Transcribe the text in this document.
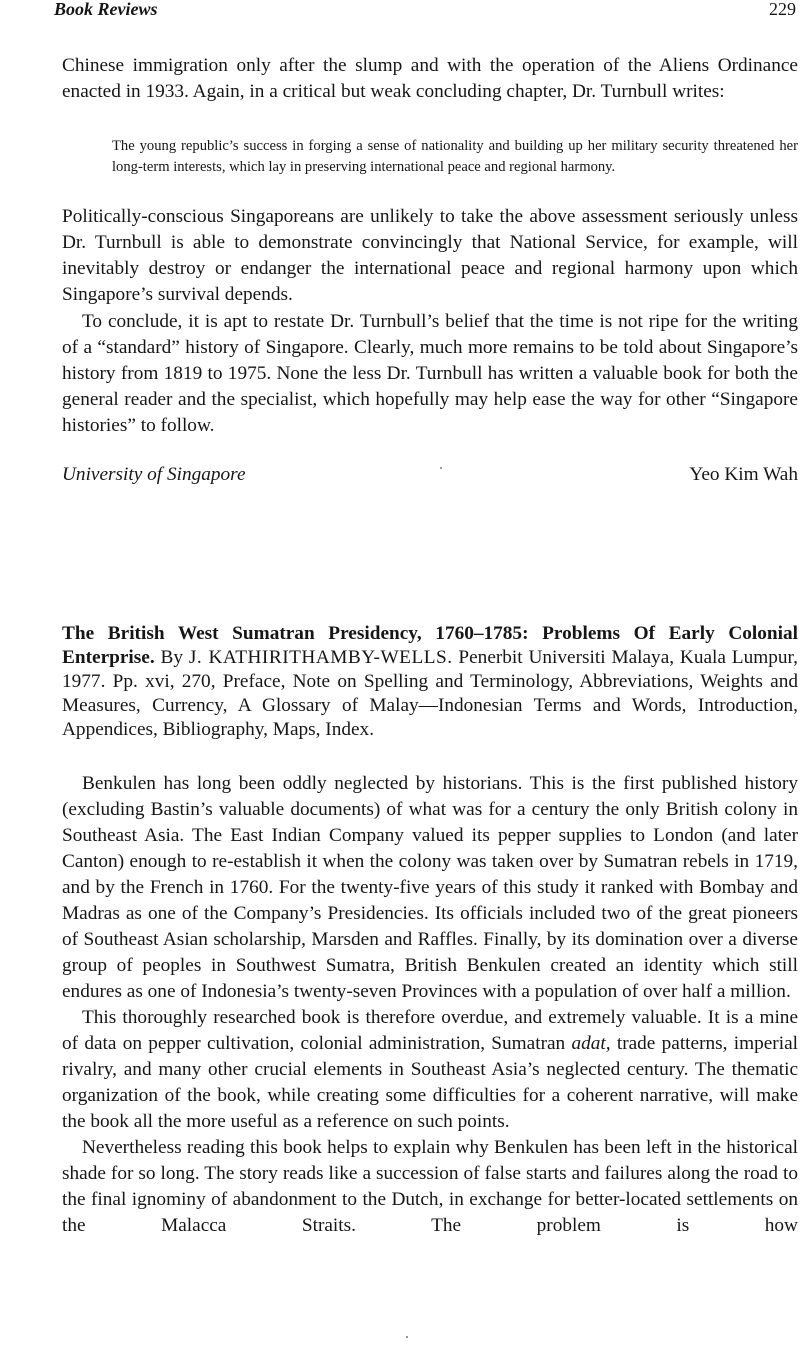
Book Reviews	229

Chinese immigration only after the slump and with the operation of the Aliens Ordinance enacted in 1933. Again, in a critical but weak concluding chapter, Dr. Turnbull writes:

The young republic’s success in forging a sense of nationality and building up her military security threatened her long-term interests, which lay in preserving international peace and regional harmony.

Politically-conscious Singaporeans are unlikely to take the above assessment seriously unless Dr. Turnbull is able to demonstrate convincingly that National Service, for example, will inevitably destroy or endanger the international peace and regional harmony upon which Singapore’s survival depends.

To conclude, it is apt to restate Dr. Turnbull’s belief that the time is not ripe for the writing of a “standard” history of Singapore. Clearly, much more remains to be told about Singapore’s history from 1819 to 1975. None the less Dr. Turnbull has written a valuable book for both the general reader and the specialist, which hopefully may help ease the way for other “Singapore histories” to follow.

University of Singapore	Yeo Kim Wah

The British West Sumatran Presidency, 1760–1785: Problems Of Early Colonial Enterprise. By J. KATHIRITHAMBY-WELLS. Penerbit Universiti Malaya, Kuala Lumpur, 1977. Pp. xvi, 270, Preface, Note on Spelling and Terminology, Abbreviations, Weights and Measures, Currency, A Glossary of Malay—Indonesian Terms and Words, Introduction, Appendices, Bibliography, Maps, Index.

Benkulen has long been oddly neglected by historians. This is the first published history (excluding Bastin’s valuable documents) of what was for a century the only British colony in Southeast Asia. The East Indian Company valued its pepper supplies to London (and later Canton) enough to re-establish it when the colony was taken over by Sumatran rebels in 1719, and by the French in 1760. For the twenty-five years of this study it ranked with Bombay and Madras as one of the Company’s Presidencies. Its officials included two of the great pioneers of Southeast Asian scholarship, Marsden and Raffles. Finally, by its domination over a diverse group of peoples in Southwest Sumatra, British Benkulen created an identity which still endures as one of Indonesia’s twenty-seven Provinces with a population of over half a million.

This thoroughly researched book is therefore overdue, and extremely valuable. It is a mine of data on pepper cultivation, colonial administration, Sumatran adat, trade patterns, imperial rivalry, and many other crucial elements in Southeast Asia’s neglected century. The thematic organization of the book, while creating some difficulties for a coherent narrative, will make the book all the more useful as a reference on such points.

Nevertheless reading this book helps to explain why Benkulen has been left in the historical shade for so long. The story reads like a succession of false starts and failures along the road to the final ignominy of abandonment to the Dutch, in exchange for better-located settlements on the Malacca Straits. The problem is how
